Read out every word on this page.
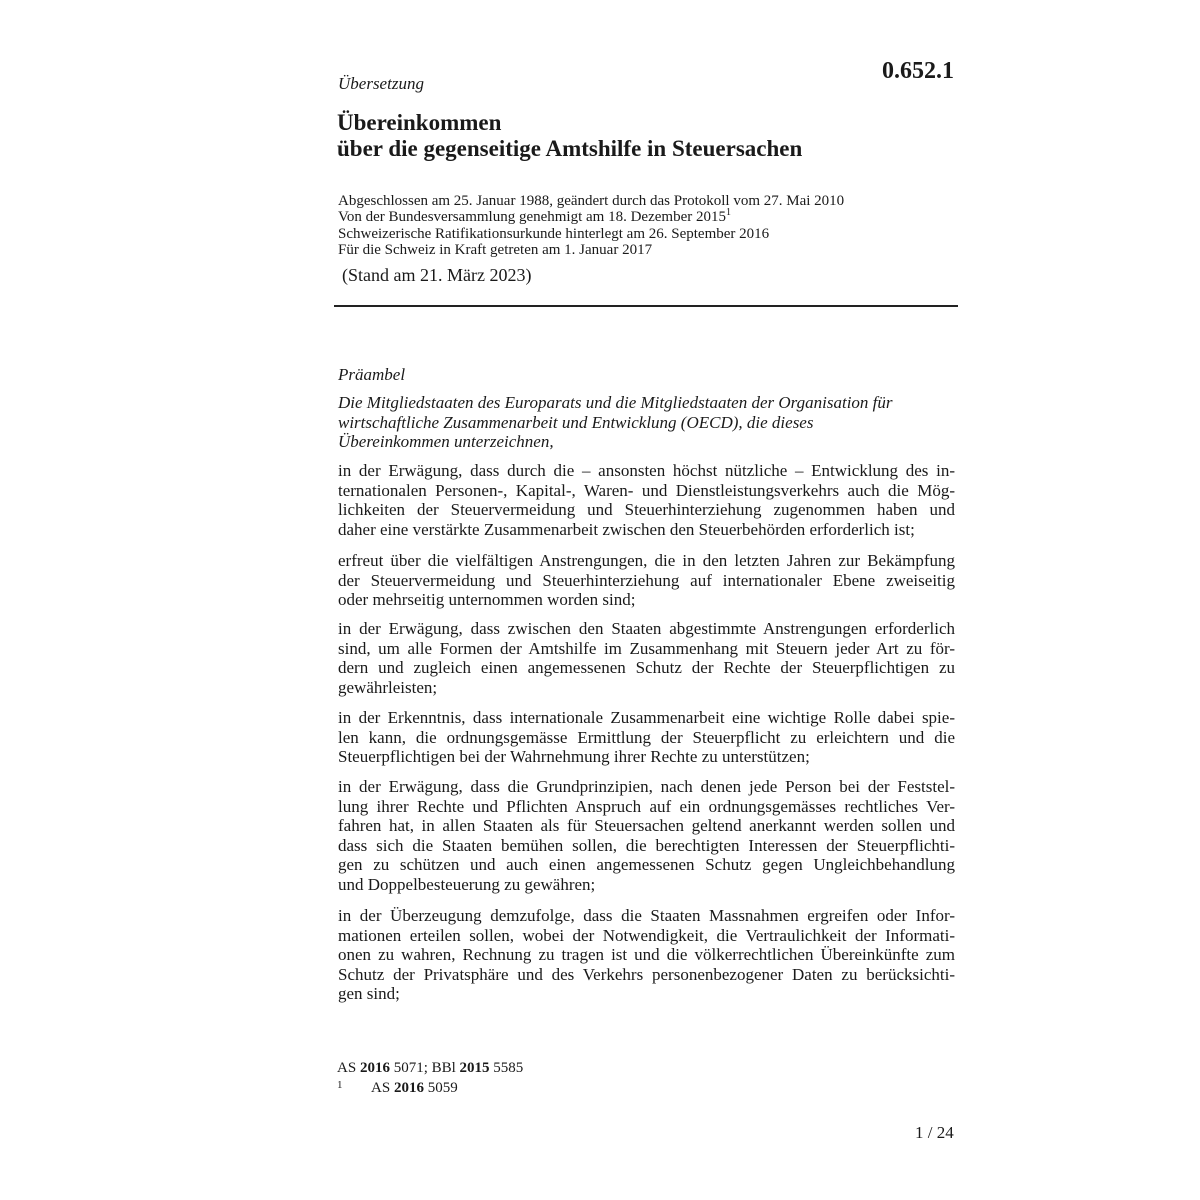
Übersetzung	0.652.1
Übereinkommen
über die gegenseitige Amtshilfe in Steuersachen
Abgeschlossen am 25. Januar 1988, geändert durch das Protokoll vom 27. Mai 2010
Von der Bundesversammlung genehmigt am 18. Dezember 2015$^1$
Schweizerische Ratifikationsurkunde hinterlegt am 26. September 2016
Für die Schweiz in Kraft getreten am 1. Januar 2017
(Stand am 21. März 2023)
Präambel
Die Mitgliedstaaten des Europarats und die Mitgliedstaaten der Organisation für
wirtschaftliche Zusammenarbeit und Entwicklung (OECD), die dieses
Übereinkommen unterzeichnen,
in der Erwägung, dass durch die – ansonsten höchst nützliche – Entwicklung des in-
ternationalen Personen-, Kapital-, Waren- und Dienstleistungsverkehrs auch die Mög-
lichkeiten der Steuervermeidung und Steuerhinterziehung zugenommen haben und
daher eine verstärkte Zusammenarbeit zwischen den Steuerbehörden erforderlich ist;
erfreut über die vielfältigen Anstrengungen, die in den letzten Jahren zur Bekämpfung
der Steuervermeidung und Steuerhinterziehung auf internationaler Ebene zweiseitig
oder mehrseitig unternommen worden sind;
in der Erwägung, dass zwischen den Staaten abgestimmte Anstrengungen erforderlich
sind, um alle Formen der Amtshilfe im Zusammenhang mit Steuern jeder Art zu för-
dern und zugleich einen angemessenen Schutz der Rechte der Steuerpflichtigen zu
gewährleisten;
in der Erkenntnis, dass internationale Zusammenarbeit eine wichtige Rolle dabei spie-
len kann, die ordnungsgemässe Ermittlung der Steuerpflicht zu erleichtern und die
Steuerpflichtigen bei der Wahrnehmung ihrer Rechte zu unterstützen;
in der Erwägung, dass die Grundprinzipien, nach denen jede Person bei der Feststel-
lung ihrer Rechte und Pflichten Anspruch auf ein ordnungsgemässes rechtliches Ver-
fahren hat, in allen Staaten als für Steuersachen geltend anerkannt werden sollen und
dass sich die Staaten bemühen sollen, die berechtigten Interessen der Steuerpflichti-
gen zu schützen und auch einen angemessenen Schutz gegen Ungleichbehandlung
und Doppelbesteuerung zu gewähren;
in der Überzeugung demzufolge, dass die Staaten Massnahmen ergreifen oder Infor-
mationen erteilen sollen, wobei der Notwendigkeit, die Vertraulichkeit der Informati-
onen zu wahren, Rechnung zu tragen ist und die völkerrechtlichen Übereinkünfte zum
Schutz der Privatsphäre und des Verkehrs personenbezogener Daten zu berücksichti-
gen sind;
AS 2016 5071; BBl 2015 5585
1	AS 2016 5059
1 / 24
